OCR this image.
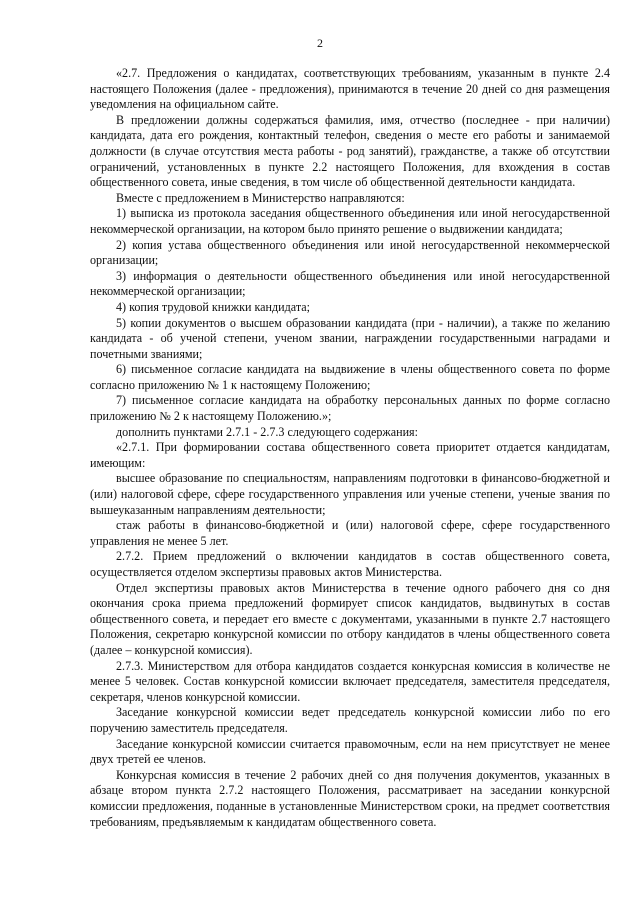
2

«2.7. Предложения о кандидатах, соответствующих требованиям, указанным в пункте 2.4 настоящего Положения (далее - предложения), принимаются в течение 20 дней со дня размещения уведомления на официальном сайте.

В предложении должны содержаться фамилия, имя, отчество (последнее - при наличии) кандидата, дата его рождения, контактный телефон, сведения о месте его работы и занимаемой должности (в случае отсутствия места работы - род занятий), гражданстве, а также об отсутствии ограничений, установленных в пункте 2.2 настоящего Положения, для вхождения в состав общественного совета, иные сведения, в том числе об общественной деятельности кандидата.

Вместе с предложением в Министерство направляются:

1) выписка из протокола заседания общественного объединения или иной негосударственной некоммерческой организации, на котором было принято решение о выдвижении кандидата;

2) копия устава общественного объединения или иной негосударственной некоммерческой организации;

3) информация о деятельности общественного объединения или иной негосударственной некоммерческой организации;

4) копия трудовой книжки кандидата;

5) копии документов о высшем образовании кандидата (при - наличии), а также по желанию кандидата - об ученой степени, ученом звании, награждении государственными наградами и почетными званиями;

6) письменное согласие кандидата на выдвижение в члены общественного совета по форме согласно приложению № 1 к настоящему Положению;

7) письменное согласие кандидата на обработку персональных данных по форме согласно приложению № 2 к настоящему Положению.»;

дополнить пунктами 2.7.1 - 2.7.3 следующего содержания:

«2.7.1. При формировании состава общественного совета приоритет отдается кандидатам, имеющим:

высшее образование по специальностям, направлениям подготовки в финансово-бюджетной и (или) налоговой сфере, сфере государственного управления или ученые степени, ученые звания по вышеуказанным направлениям деятельности;

стаж работы в финансово-бюджетной и (или) налоговой сфере, сфере государственного управления не менее 5 лет.

2.7.2. Прием предложений о включении кандидатов в состав общественного совета, осуществляется отделом экспертизы правовых актов Министерства.

Отдел экспертизы правовых актов Министерства в течение одного рабочего дня со дня окончания срока приема предложений формирует список кандидатов, выдвинутых в состав общественного совета, и передает его вместе с документами, указанными в пункте 2.7 настоящего Положения, секретарю конкурсной комиссии по отбору кандидатов в члены общественного совета (далее – конкурсной комиссия).

2.7.3. Министерством для отбора кандидатов создается конкурсная комиссия в количестве не менее 5 человек. Состав конкурсной комиссии включает председателя, заместителя председателя, секретаря, членов конкурсной комиссии.

Заседание конкурсной комиссии ведет председатель конкурсной комиссии либо по его поручению заместитель председателя.

Заседание конкурсной комиссии считается правомочным, если на нем присутствует не менее двух третей ее членов.

Конкурсная комиссия в течение 2 рабочих дней со дня получения документов, указанных в абзаце втором пункта 2.7.2 настоящего Положения, рассматривает на заседании конкурсной комиссии предложения, поданные в установленные Министерством сроки, на предмет соответствия требованиям, предъявляемым к кандидатам общественного совета.
